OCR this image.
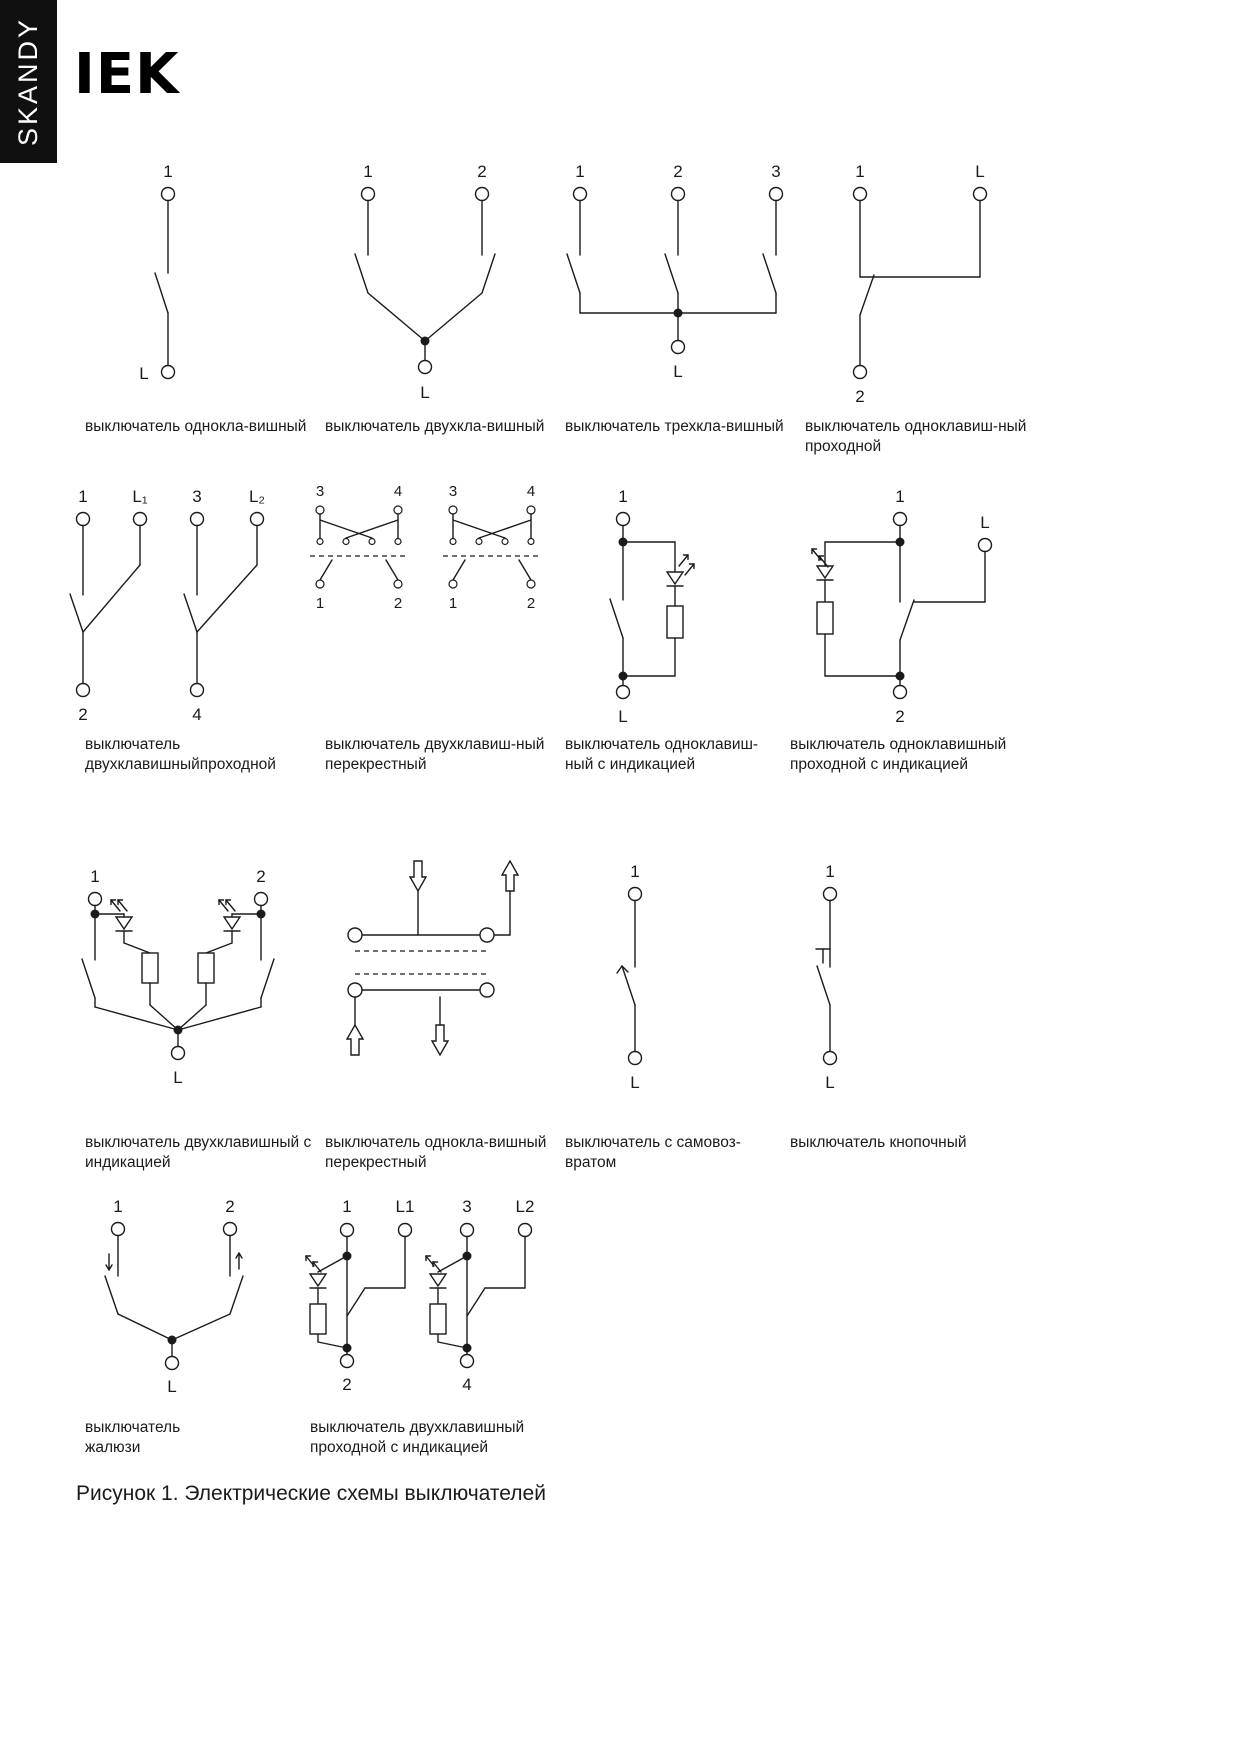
SKANDY IEK
1
L
выключатель однокла-вишный
1	2
L
выключатель двухкла-вишный
1	2	3
L
выключатель трехкла-вишный
1	L
2
выключатель одноклавиш-ный
проходной
1	L₁	3	L₂
2	4
выключатель
двухклавишныйпроходной
3	4
1	2
3	4
1	2
выключатель двухклавиш-ный
перекрестный
1
L
выключатель одноклавиш-
ный с индикацией
1
L
2
выключатель одноклавишный
проходной с индикацией
1	2
L
выключатель двухклавишный с
индикацией
выключатель однокла-вишный
перекрестный
1
L
выключатель с самовоз-
вратом
1
L
выключатель кнопочный
1	2
L
выключатель
жалюзи
1	L1
2
3	L2
4
выключатель двухклавишный
проходной с индикацией
Рисунок 1. Электрические схемы выключателей
